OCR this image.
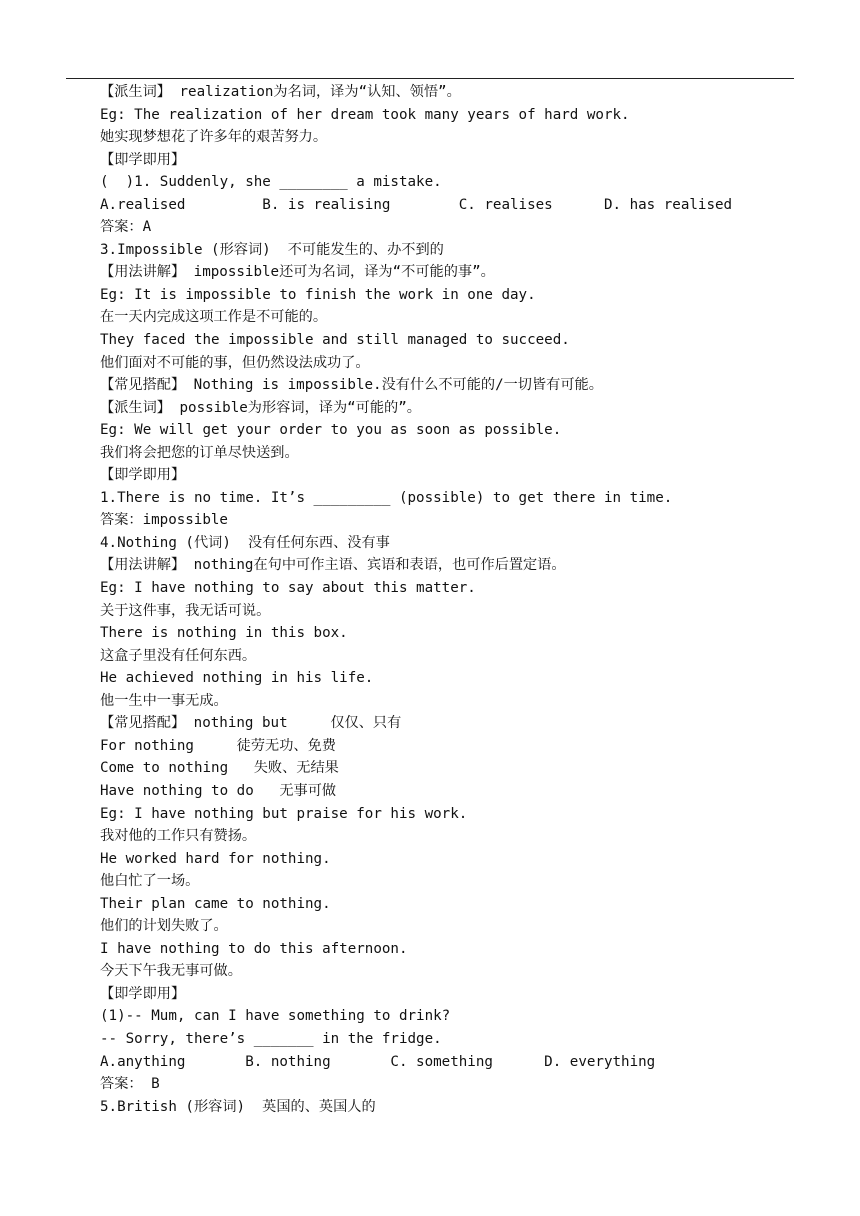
【派生词】 realization为名词，译为“认知、领悟”。
Eg: The realization of her dream took many years of hard work.
她实现梦想花了许多年的艰苦努力。
【即学即用】
(  )1. Suddenly, she ________ a mistake.
A.realised         B. is realising        C. realises      D. has realised
答案：A
3.Impossible (形容词)  不可能发生的、办不到的
【用法讲解】 impossible还可为名词，译为“不可能的事”。
Eg: It is impossible to finish the work in one day.
在一天内完成这项工作是不可能的。
They faced the impossible and still managed to succeed.
他们面对不可能的事，但仍然设法成功了。
【常见搭配】 Nothing is impossible.没有什么不可能的/一切皆有可能。
【派生词】 possible为形容词，译为“可能的”。
Eg: We will get your order to you as soon as possible.
我们将会把您的订单尽快送到。
【即学即用】
1.There is no time. It’s _________ (possible) to get there in time.
答案：impossible
4.Nothing (代词)  没有任何东西、没有事
【用法讲解】 nothing在句中可作主语、宾语和表语，也可作后置定语。
Eg: I have nothing to say about this matter.
关于这件事，我无话可说。
There is nothing in this box.
这盒子里没有任何东西。
He achieved nothing in his life.
他一生中一事无成。
【常见搭配】 nothing but     仅仅、只有
For nothing     徒劳无功、免费
Come to nothing   失败、无结果
Have nothing to do   无事可做
Eg: I have nothing but praise for his work.
我对他的工作只有赞扬。
He worked hard for nothing.
他白忙了一场。
Their plan came to nothing.
他们的计划失败了。
I have nothing to do this afternoon.
今天下午我无事可做。
【即学即用】
(1)-- Mum, can I have something to drink?
-- Sorry, there’s _______ in the fridge.
A.anything       B. nothing       C. something      D. everything
答案： B
5.British (形容词)  英国的、英国人的
